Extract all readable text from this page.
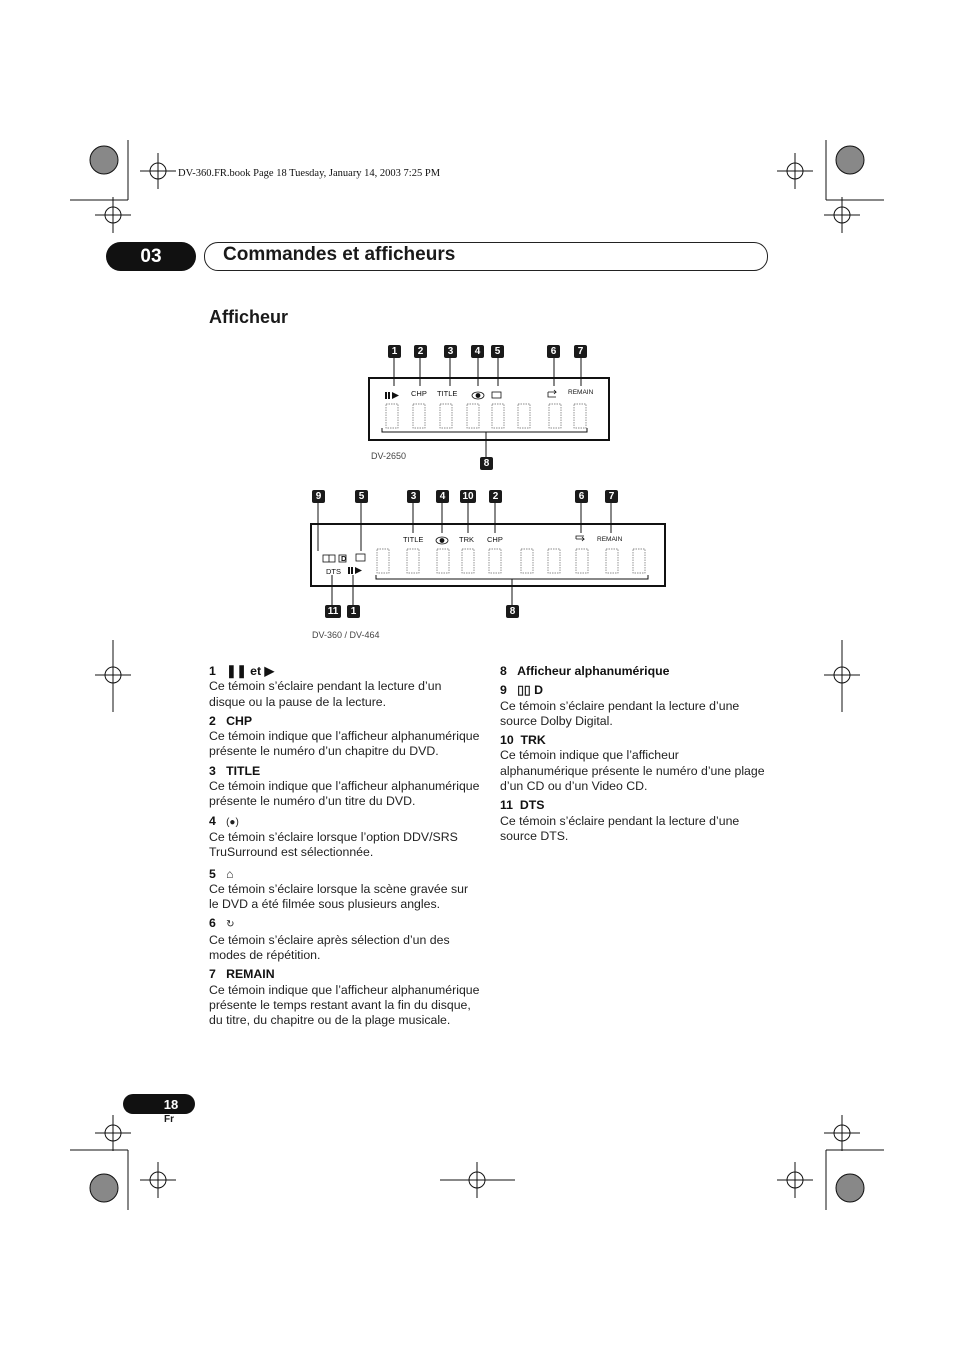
DV-360.FR.book Page 18 Tuesday, January 14, 2003 7:25 PM
03	Commandes et afficheurs
Afficheur
1	2	3	4	5	6	7
CHP TITLE	REMAIN
DV-2650
8
9	5	3	4	10	2	6	7
TITLE	TRK CHP	REMAIN
D
DTS
11	1	8
DV-360 / DV-464
1 ❚❚ et ▶

Ce témoin s’éclaire pendant la lecture d’un disque ou la pause de la lecture.

2 CHP

Ce témoin indique que l’afficheur alphanumérique présente le numéro d’un chapitre du DVD.

3 TITLE

Ce témoin indique que l’afficheur alphanumérique présente le numéro d’un titre du DVD.

4 (●)

Ce témoin s’éclaire lorsque l’option DDV/SRS TruSurround est sélectionnée.

5 ⌂

Ce témoin s’éclaire lorsque la scène gravée sur le DVD a été filmée sous plusieurs angles.

6 ↻

Ce témoin s’éclaire après sélection d’un des modes de répétition.

7 REMAIN

Ce témoin indique que l’afficheur alphanumérique présente le temps restant avant la fin du disque, du titre, du chapitre ou de la plage musicale.

8 Afficheur alphanumérique
9 ▯▯ D

Ce témoin s’éclaire pendant la lecture d’une source Dolby Digital.

10 TRK

Ce témoin indique que l’afficheur alphanumérique présente le numéro d’une plage d’un CD ou d’un Video CD.

11 DTS

Ce témoin s’éclaire pendant la lecture d’une source DTS.

18
Fr
